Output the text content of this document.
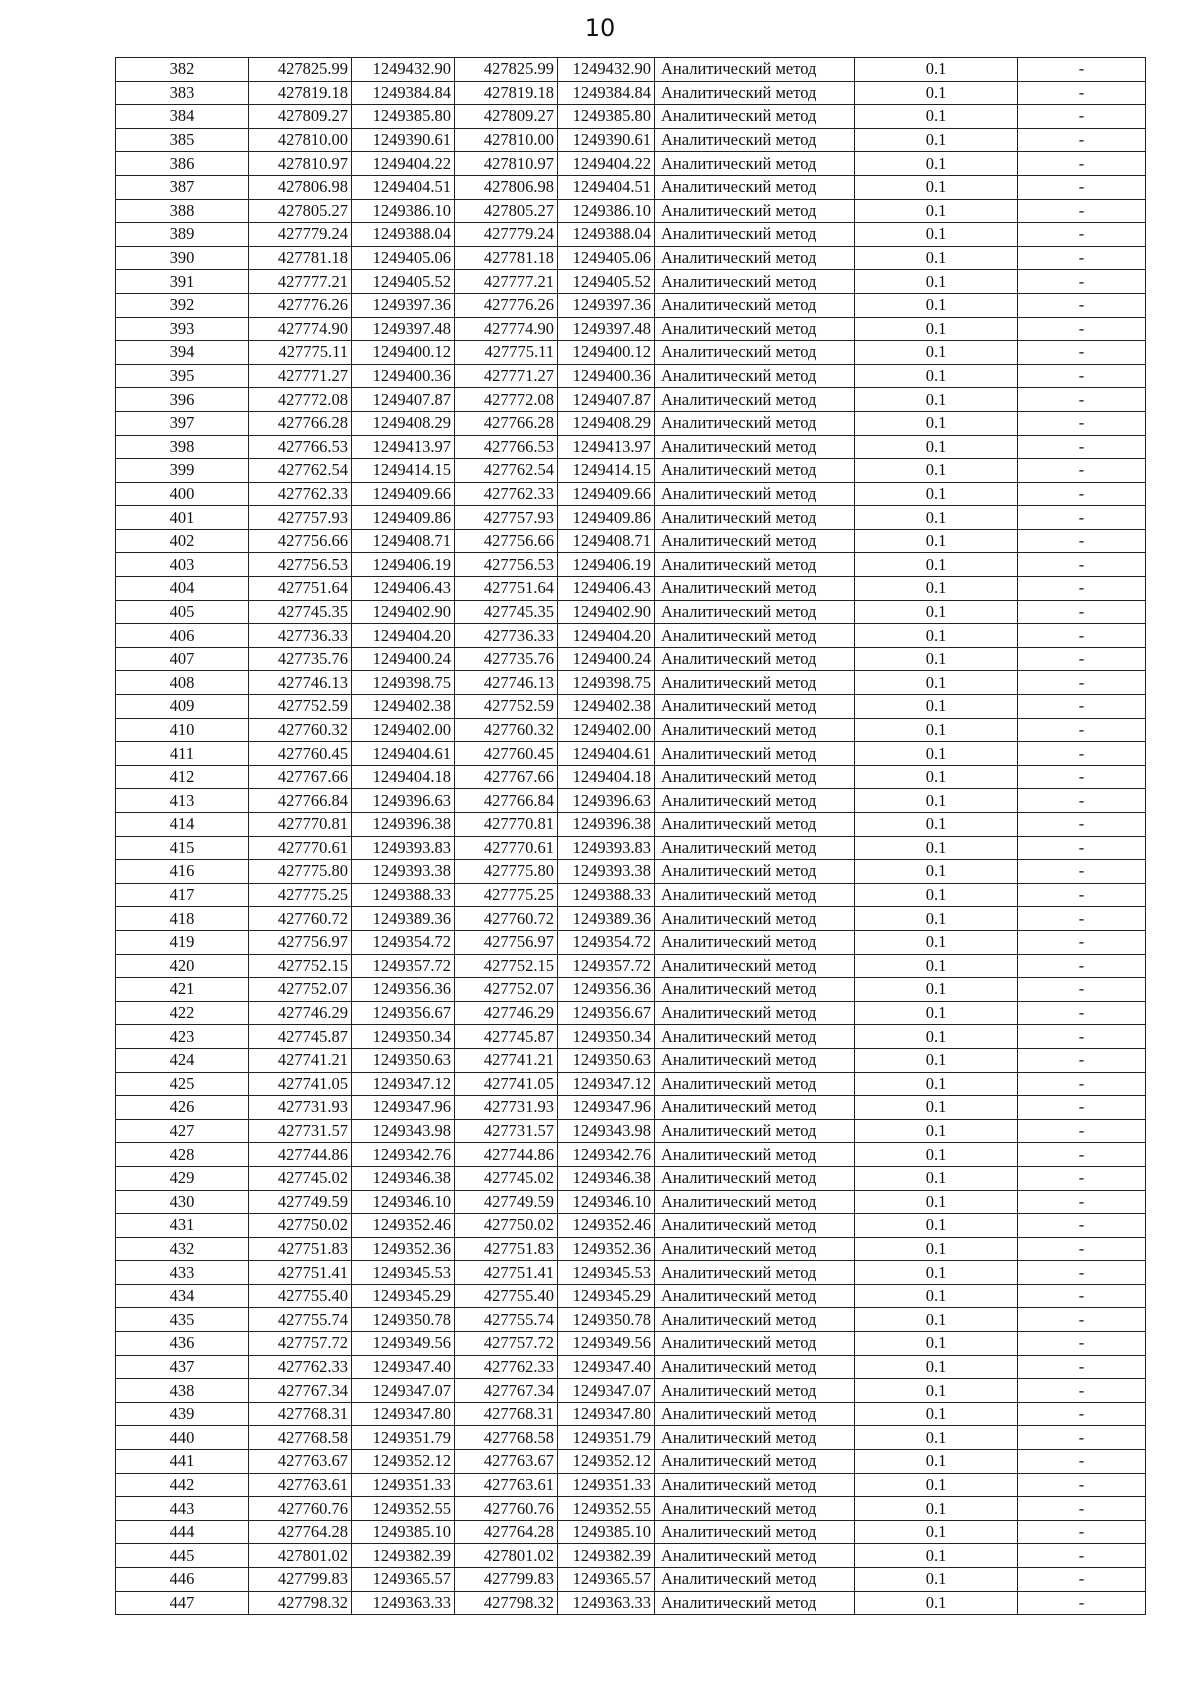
10
382	427825.99	1249432.90	427825.99	1249432.90	Аналитический метод	0.1	-
383	427819.18	1249384.84	427819.18	1249384.84	Аналитический метод	0.1	-
384	427809.27	1249385.80	427809.27	1249385.80	Аналитический метод	0.1	-
385	427810.00	1249390.61	427810.00	1249390.61	Аналитический метод	0.1	-
386	427810.97	1249404.22	427810.97	1249404.22	Аналитический метод	0.1	-
387	427806.98	1249404.51	427806.98	1249404.51	Аналитический метод	0.1	-
388	427805.27	1249386.10	427805.27	1249386.10	Аналитический метод	0.1	-
389	427779.24	1249388.04	427779.24	1249388.04	Аналитический метод	0.1	-
390	427781.18	1249405.06	427781.18	1249405.06	Аналитический метод	0.1	-
391	427777.21	1249405.52	427777.21	1249405.52	Аналитический метод	0.1	-
392	427776.26	1249397.36	427776.26	1249397.36	Аналитический метод	0.1	-
393	427774.90	1249397.48	427774.90	1249397.48	Аналитический метод	0.1	-
394	427775.11	1249400.12	427775.11	1249400.12	Аналитический метод	0.1	-
395	427771.27	1249400.36	427771.27	1249400.36	Аналитический метод	0.1	-
396	427772.08	1249407.87	427772.08	1249407.87	Аналитический метод	0.1	-
397	427766.28	1249408.29	427766.28	1249408.29	Аналитический метод	0.1	-
398	427766.53	1249413.97	427766.53	1249413.97	Аналитический метод	0.1	-
399	427762.54	1249414.15	427762.54	1249414.15	Аналитический метод	0.1	-
400	427762.33	1249409.66	427762.33	1249409.66	Аналитический метод	0.1	-
401	427757.93	1249409.86	427757.93	1249409.86	Аналитический метод	0.1	-
402	427756.66	1249408.71	427756.66	1249408.71	Аналитический метод	0.1	-
403	427756.53	1249406.19	427756.53	1249406.19	Аналитический метод	0.1	-
404	427751.64	1249406.43	427751.64	1249406.43	Аналитический метод	0.1	-
405	427745.35	1249402.90	427745.35	1249402.90	Аналитический метод	0.1	-
406	427736.33	1249404.20	427736.33	1249404.20	Аналитический метод	0.1	-
407	427735.76	1249400.24	427735.76	1249400.24	Аналитический метод	0.1	-
408	427746.13	1249398.75	427746.13	1249398.75	Аналитический метод	0.1	-
409	427752.59	1249402.38	427752.59	1249402.38	Аналитический метод	0.1	-
410	427760.32	1249402.00	427760.32	1249402.00	Аналитический метод	0.1	-
411	427760.45	1249404.61	427760.45	1249404.61	Аналитический метод	0.1	-
412	427767.66	1249404.18	427767.66	1249404.18	Аналитический метод	0.1	-
413	427766.84	1249396.63	427766.84	1249396.63	Аналитический метод	0.1	-
414	427770.81	1249396.38	427770.81	1249396.38	Аналитический метод	0.1	-
415	427770.61	1249393.83	427770.61	1249393.83	Аналитический метод	0.1	-
416	427775.80	1249393.38	427775.80	1249393.38	Аналитический метод	0.1	-
417	427775.25	1249388.33	427775.25	1249388.33	Аналитический метод	0.1	-
418	427760.72	1249389.36	427760.72	1249389.36	Аналитический метод	0.1	-
419	427756.97	1249354.72	427756.97	1249354.72	Аналитический метод	0.1	-
420	427752.15	1249357.72	427752.15	1249357.72	Аналитический метод	0.1	-
421	427752.07	1249356.36	427752.07	1249356.36	Аналитический метод	0.1	-
422	427746.29	1249356.67	427746.29	1249356.67	Аналитический метод	0.1	-
423	427745.87	1249350.34	427745.87	1249350.34	Аналитический метод	0.1	-
424	427741.21	1249350.63	427741.21	1249350.63	Аналитический метод	0.1	-
425	427741.05	1249347.12	427741.05	1249347.12	Аналитический метод	0.1	-
426	427731.93	1249347.96	427731.93	1249347.96	Аналитический метод	0.1	-
427	427731.57	1249343.98	427731.57	1249343.98	Аналитический метод	0.1	-
428	427744.86	1249342.76	427744.86	1249342.76	Аналитический метод	0.1	-
429	427745.02	1249346.38	427745.02	1249346.38	Аналитический метод	0.1	-
430	427749.59	1249346.10	427749.59	1249346.10	Аналитический метод	0.1	-
431	427750.02	1249352.46	427750.02	1249352.46	Аналитический метод	0.1	-
432	427751.83	1249352.36	427751.83	1249352.36	Аналитический метод	0.1	-
433	427751.41	1249345.53	427751.41	1249345.53	Аналитический метод	0.1	-
434	427755.40	1249345.29	427755.40	1249345.29	Аналитический метод	0.1	-
435	427755.74	1249350.78	427755.74	1249350.78	Аналитический метод	0.1	-
436	427757.72	1249349.56	427757.72	1249349.56	Аналитический метод	0.1	-
437	427762.33	1249347.40	427762.33	1249347.40	Аналитический метод	0.1	-
438	427767.34	1249347.07	427767.34	1249347.07	Аналитический метод	0.1	-
439	427768.31	1249347.80	427768.31	1249347.80	Аналитический метод	0.1	-
440	427768.58	1249351.79	427768.58	1249351.79	Аналитический метод	0.1	-
441	427763.67	1249352.12	427763.67	1249352.12	Аналитический метод	0.1	-
442	427763.61	1249351.33	427763.61	1249351.33	Аналитический метод	0.1	-
443	427760.76	1249352.55	427760.76	1249352.55	Аналитический метод	0.1	-
444	427764.28	1249385.10	427764.28	1249385.10	Аналитический метод	0.1	-
445	427801.02	1249382.39	427801.02	1249382.39	Аналитический метод	0.1	-
446	427799.83	1249365.57	427799.83	1249365.57	Аналитический метод	0.1	-
447	427798.32	1249363.33	427798.32	1249363.33	Аналитический метод	0.1	-
